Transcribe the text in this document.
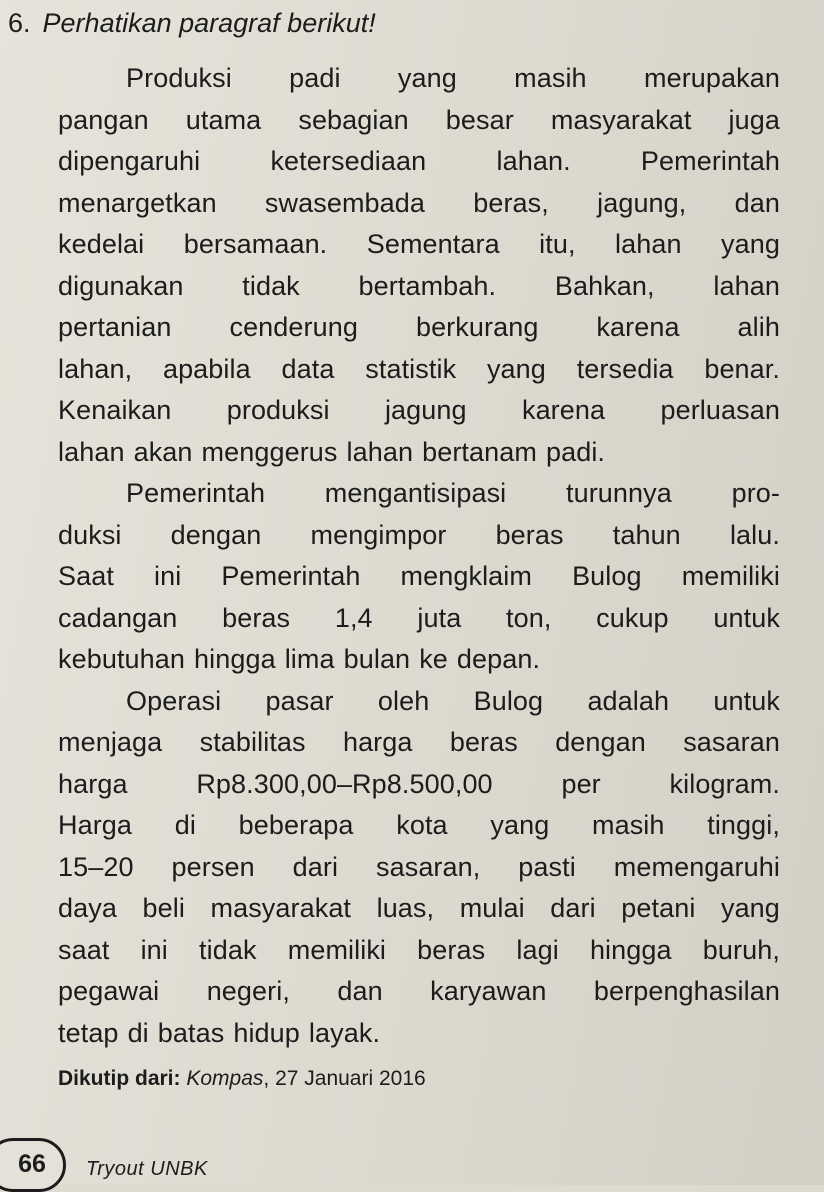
6. Perhatikan paragraf berikut!
Produksi padi yang masih merupakan
pangan utama sebagian besar masyarakat juga
dipengaruhi	ketersediaan	lahan.	Pemerintah
menargetkan swasembada beras, jagung, dan
kedelai bersamaan. Sementara itu, lahan yang
digunakan tidak bertambah. Bahkan, lahan
pertanian cenderung berkurang karena alih
lahan, apabila data statistik yang tersedia benar.
Kenaikan produksi jagung karena perluasan
lahan akan menggerus lahan bertanam padi.
Pemerintah mengantisipasi turunnya pro-
duksi dengan mengimpor beras tahun lalu.
Saat ini Pemerintah mengklaim Bulog memiliki
cadangan beras 1,4 juta ton, cukup untuk
kebutuhan hingga lima bulan ke depan.
Operasi pasar oleh Bulog adalah untuk
menjaga stabilitas harga beras dengan sasaran
harga	Rp8.300,00–Rp8.500,00	per	kilogram.
Harga di beberapa kota yang masih tinggi,
15–20 persen dari sasaran, pasti memengaruhi
daya beli masyarakat luas, mulai dari petani yang
saat ini tidak memiliki beras lagi hingga buruh,
pegawai negeri, dan karyawan berpenghasilan
tetap di batas hidup layak.
Dikutip dari: Kompas, 27 Januari 2016
66	Tryout UNBK
